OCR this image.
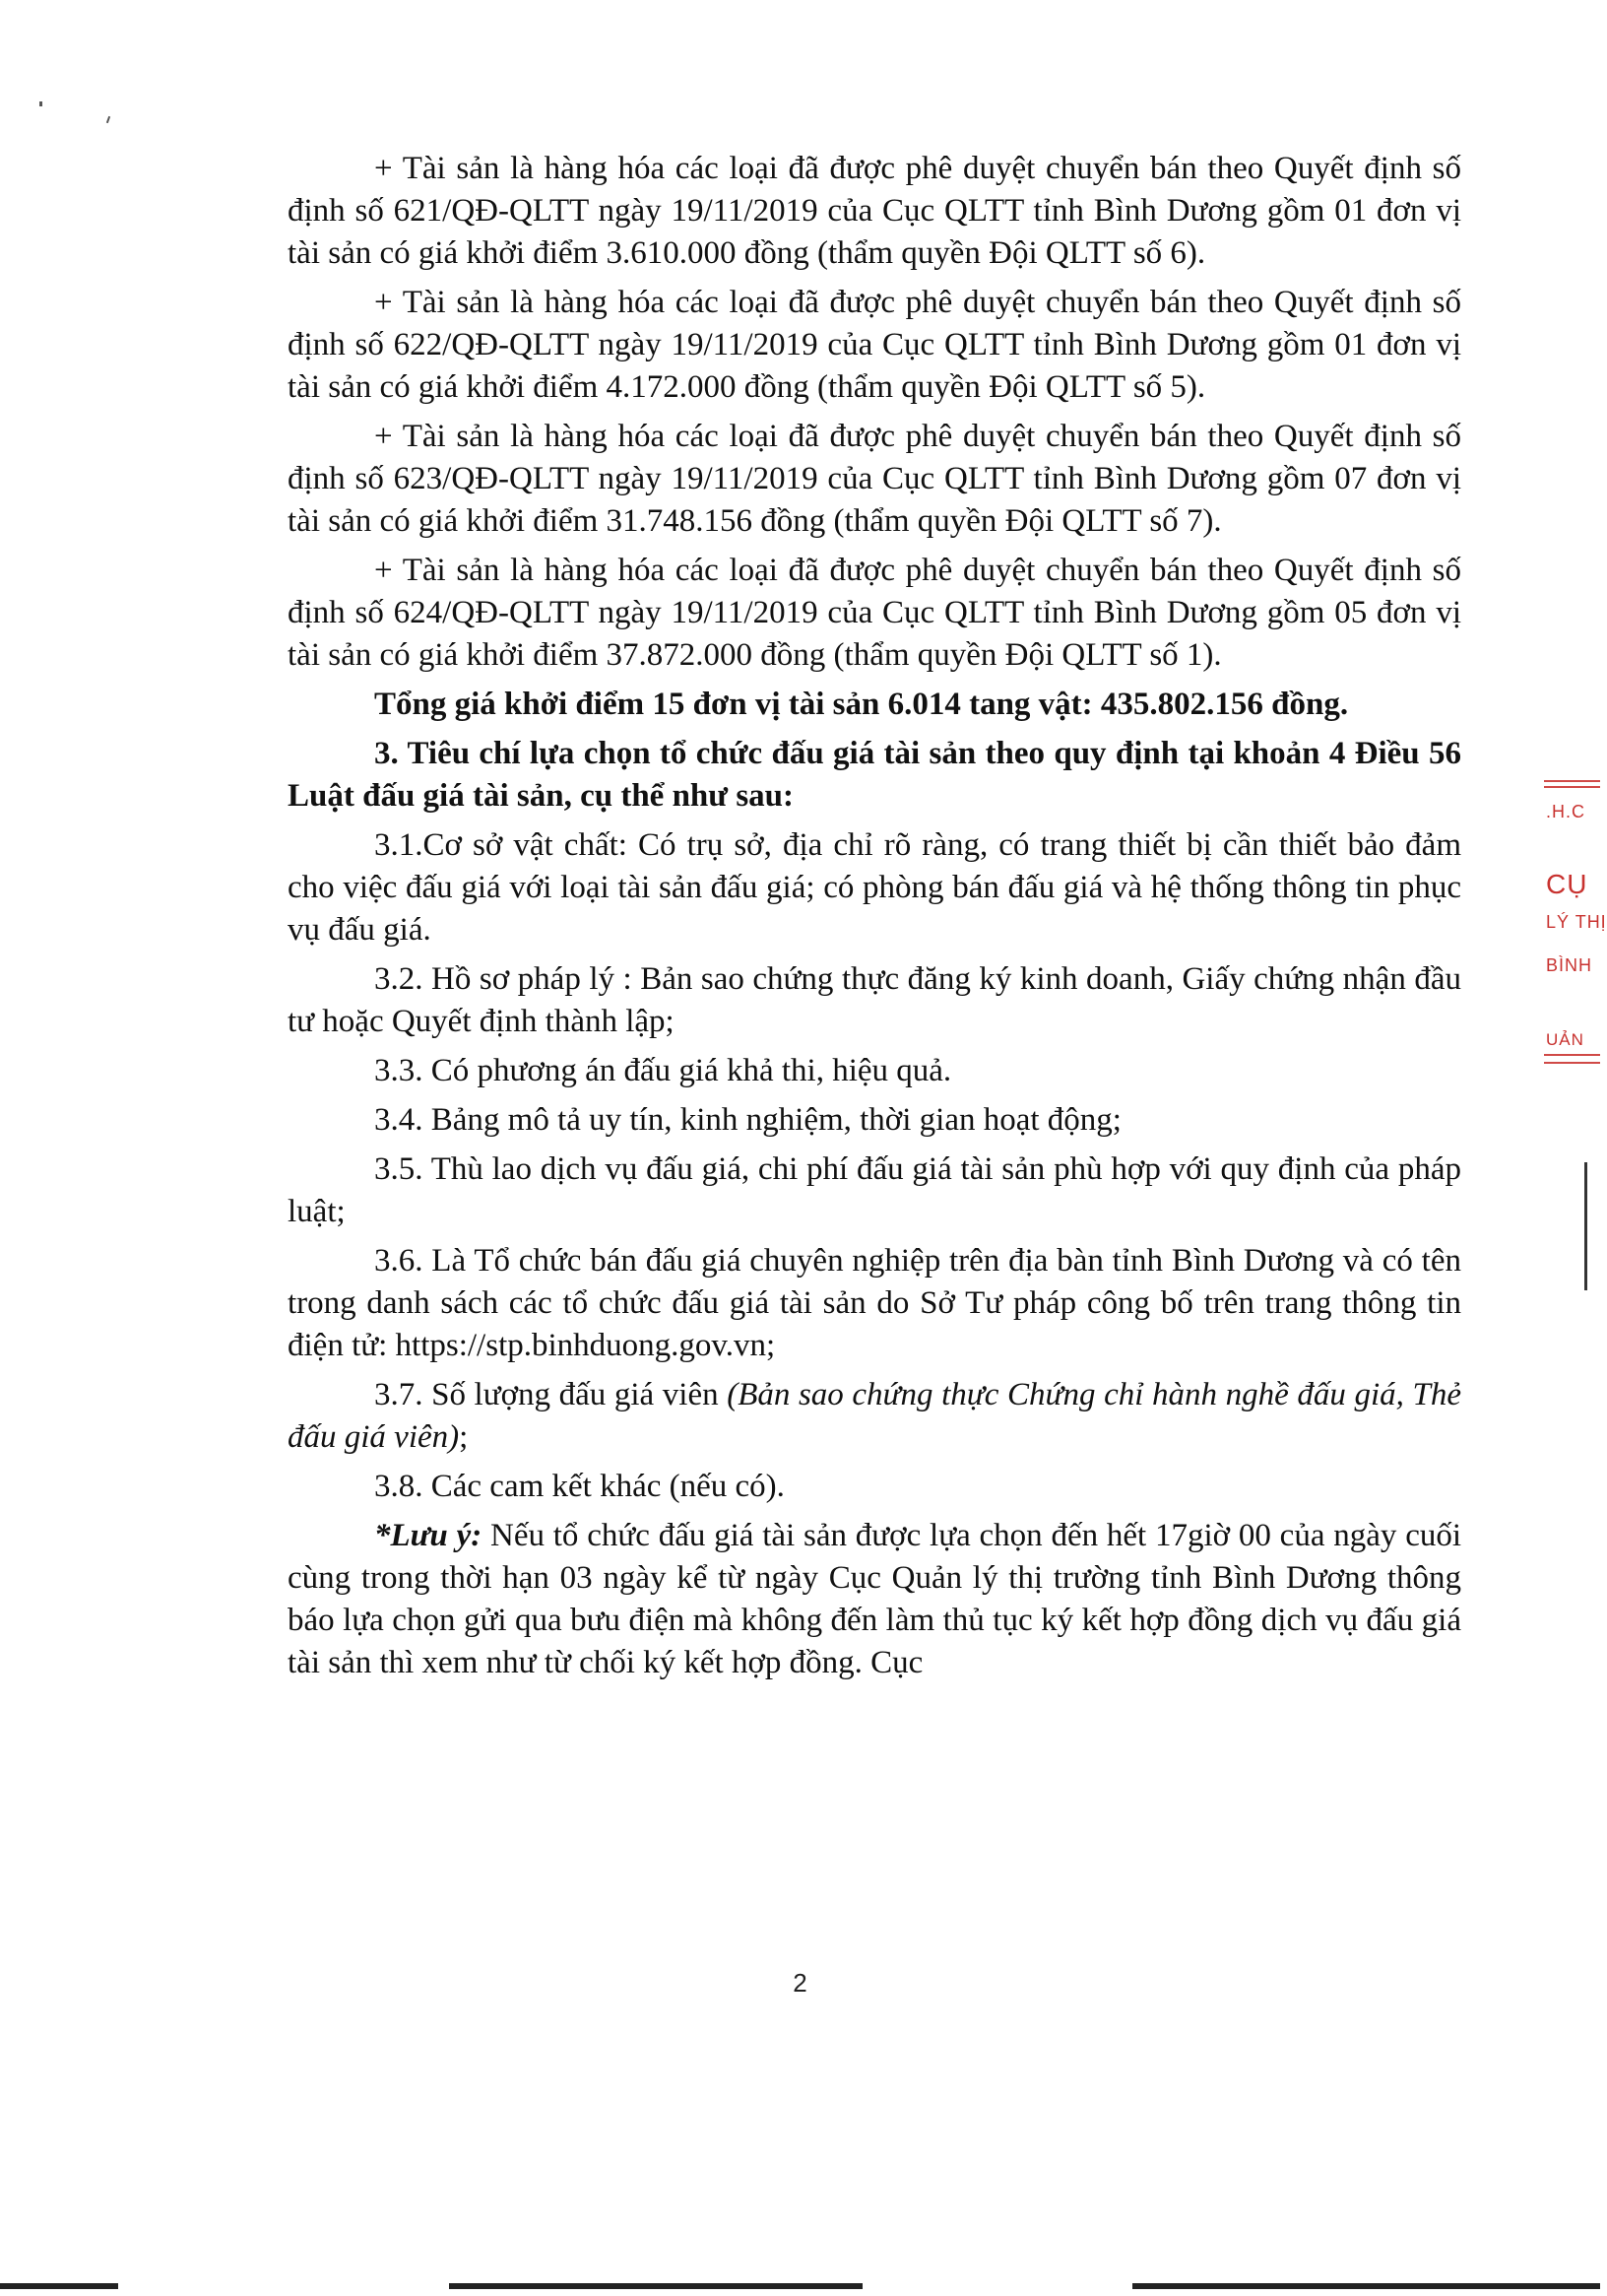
+ Tài sản là hàng hóa các loại đã được phê duyệt chuyển bán theo Quyết định số định số 621/QĐ-QLTT ngày 19/11/2019 của Cục QLTT tỉnh Bình Dương gồm 01 đơn vị tài sản có giá khởi điểm 3.610.000 đồng (thẩm quyền Đội QLTT số 6).

+ Tài sản là hàng hóa các loại đã được phê duyệt chuyển bán theo Quyết định số định số 622/QĐ-QLTT ngày 19/11/2019 của Cục QLTT tỉnh Bình Dương gồm 01 đơn vị tài sản có giá khởi điểm 4.172.000 đồng (thẩm quyền Đội QLTT số 5).

+ Tài sản là hàng hóa các loại đã được phê duyệt chuyển bán theo Quyết định số định số 623/QĐ-QLTT ngày 19/11/2019 của Cục QLTT tỉnh Bình Dương gồm 07 đơn vị tài sản có giá khởi điểm 31.748.156 đồng (thẩm quyền Đội QLTT số 7).

+ Tài sản là hàng hóa các loại đã được phê duyệt chuyển bán theo Quyết định số định số 624/QĐ-QLTT ngày 19/11/2019 của Cục QLTT tỉnh Bình Dương gồm 05 đơn vị tài sản có giá khởi điểm 37.872.000 đồng (thẩm quyền Đội QLTT số 1).

Tổng giá khởi điểm 15 đơn vị tài sản 6.014 tang vật: 435.802.156 đồng.

3. Tiêu chí lựa chọn tổ chức đấu giá tài sản theo quy định tại khoản 4 Điều 56 Luật đấu giá tài sản, cụ thể như sau:

3.1.Cơ sở vật chất: Có trụ sở, địa chỉ rõ ràng, có trang thiết bị cần thiết bảo đảm cho việc đấu giá với loại tài sản đấu giá; có phòng bán đấu giá và hệ thống thông tin phục vụ đấu giá.

3.2. Hồ sơ pháp lý : Bản sao chứng thực đăng ký kinh doanh, Giấy chứng nhận đầu tư hoặc Quyết định thành lập;

3.3. Có phương án đấu giá khả thi, hiệu quả.

3.4. Bảng mô tả uy tín, kinh nghiệm, thời gian hoạt động;

3.5. Thù lao dịch vụ đấu giá, chi phí đấu giá tài sản phù hợp với quy định của pháp luật;

3.6. Là Tổ chức bán đấu giá chuyên nghiệp trên địa bàn tỉnh Bình Dương và có tên trong danh sách các tổ chức đấu giá tài sản do Sở Tư pháp công bố trên trang thông tin điện tử: https://stp.binhduong.gov.vn;

3.7. Số lượng đấu giá viên (Bản sao chứng thực Chứng chỉ hành nghề đấu giá, Thẻ đấu giá viên);

3.8. Các cam kết khác (nếu có).

*Lưu ý: Nếu tổ chức đấu giá tài sản được lựa chọn đến hết 17giờ 00 của ngày cuối cùng trong thời hạn 03 ngày kể từ ngày Cục Quản lý thị trường tỉnh Bình Dương thông báo lựa chọn gửi qua bưu điện mà không đến làm thủ tục ký kết hợp đồng dịch vụ đấu giá tài sản thì xem như từ chối ký kết hợp đồng. Cục

2
.H.C
CỤ
LÝ THỊ
BÌNH
UẢN
